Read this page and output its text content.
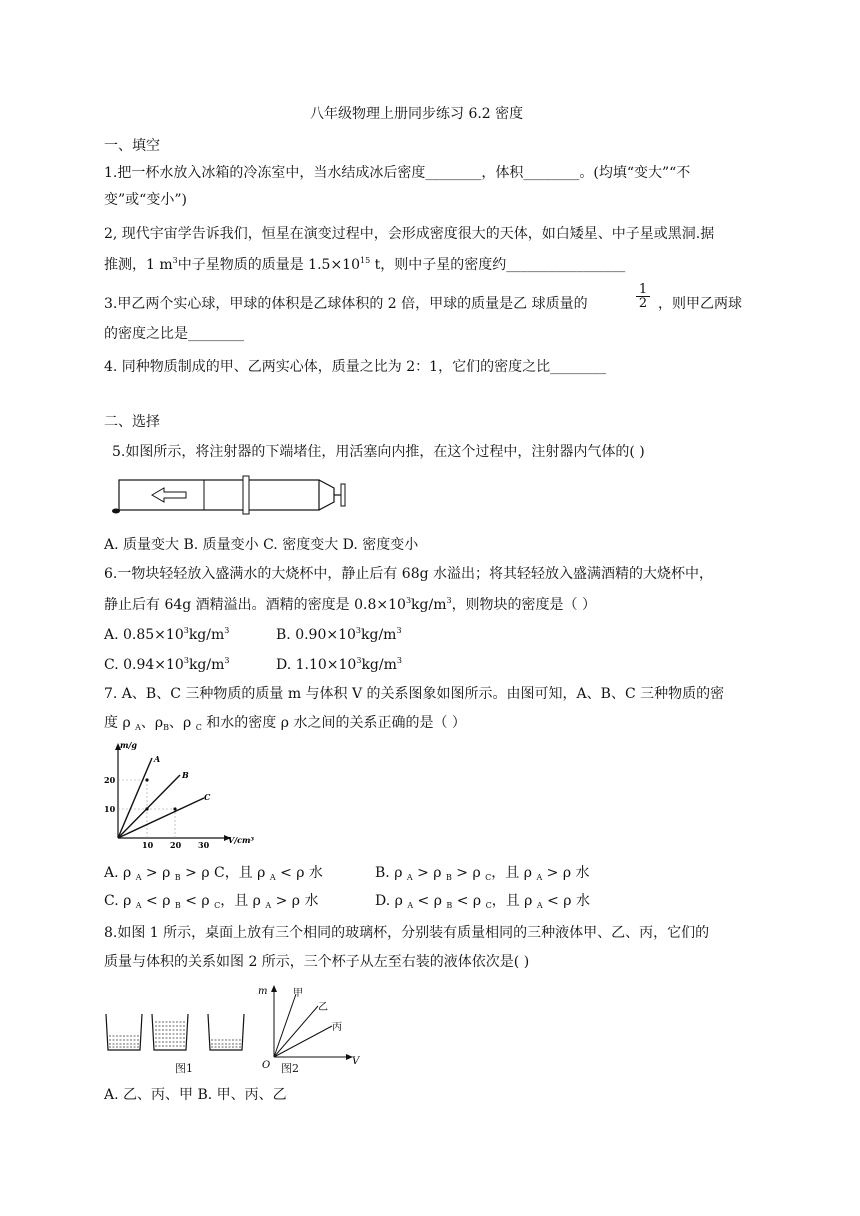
八年级物理上册同步练习 6.2 密度
一、填空
1.把一杯水放入冰箱的冷冻室中，当水结成冰后密度________，体积________。(均填“变大”“不
变”或“变小”)
2, 现代宇宙学告诉我们，恒星在演变过程中，会形成密度很大的天体，如白矮星、中子星或黑洞.据
推测，1 $m^3$中子星物质的质量是 $1.5\times 10^{15}$ t，则中子星的密度约_________________
3.甲乙两个实心球，甲球的体积是乙球体积的 2 倍，甲球的质量是乙 球质量的
1
2 ，则甲乙两球
的密度之比是________
4. 同种物质制成的甲、乙两实心体，质量之比为 2：1，它们的密度之比________
二、选择
5.如图所示，将注射器的下端堵住，用活塞向内推，在这个过程中，注射器内气体的( )
A. 质量变大 B. 质量变小 C. 密度变大 D. 密度变小
6.一物块轻轻放入盛满水的大烧杯中，静止后有 68g 水溢出；将其轻轻放入盛满酒精的大烧杯中，
静止后有 64g 酒精溢出。酒精的密度是 $0.8\times 10^3kg/m^3$，则物块的密度是（ ）
A. $0.85\times 10^3kg/m^3$	B. $0.90\times 10^3kg/m^3$
C. $0.94\times 10^3kg/m^3$	D. $1.10\times 10^3kg/m^3$
7. A、B、C 三种物质的质量 m 与体积 V 的关系图象如图所示。由图可知，A、B、C 三种物质的密
度 ρ $_A$、$\rho_B$、ρ $_C$ 和水的密度 ρ 水之间的关系正确的是（ ）
m/g
V/cm³
10
20
10 20 30
A
B
C
A. ρ $_A$ > ρ $_B$ > ρ C，且 ρ $_A$ < ρ 水	B. ρ $_A$ > ρ $_B$ > ρ $_C$，且 ρ $_A$ > ρ 水
C. ρ $_A$ < ρ $_B$ < ρ $_C$，且 ρ $_A$ > ρ 水	D. ρ $_A$ < ρ $_B$ < ρ $_C$，且 ρ $_A$ < ρ 水
8.如图 1 所示，桌面上放有三个相同的玻璃杯，分别装有质量相同的三种液体甲、乙、丙，它们的
质量与体积的关系如图 2 所示，三个杯子从左至右装的液体依次是( )
图1
m
V
O
甲
乙
丙
图2
A. 乙、丙、甲 B. 甲、丙、乙
